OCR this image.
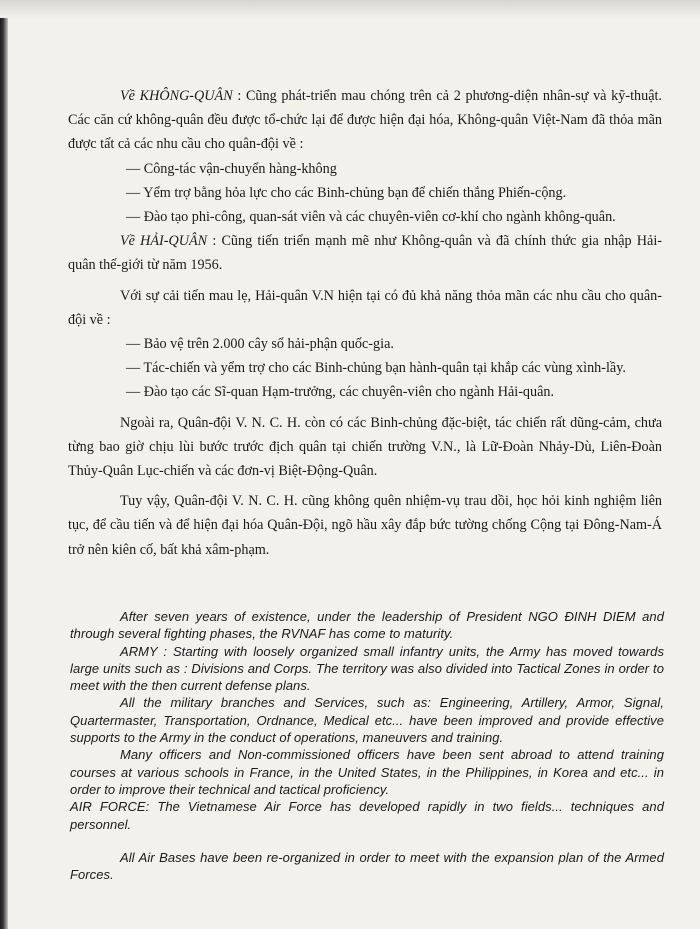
Về KHÔNG-QUÂN : Cũng phát-triển mau chóng trên cả 2 phương-diện nhân-sự và kỹ-thuật. Các căn cứ không-quân đều được tổ-chức lại để được hiện đại hóa, Không-quân Việt-Nam đã thỏa mãn được tất cả các nhu cầu cho quân-đội về :

— Công-tác vận-chuyển hàng-không
— Yểm trợ bằng hỏa lực cho các Binh-chủng bạn để chiến thắng Phiến-cộng.
— Đào tạo phi-công, quan-sát viên và các chuyên-viên cơ-khí cho ngành không-quân.

Về HẢI-QUÂN : Cũng tiến triển mạnh mẽ như Không-quân và đã chính thức gia nhập Hải-quân thế-giới từ năm 1956.

Với sự cải tiến mau lẹ, Hải-quân V.N hiện tại có đủ khả năng thỏa mãn các nhu cầu cho quân-đội về :

— Bảo vệ trên 2.000 cây số hải-phận quốc-gia.
— Tác-chiến và yểm trợ cho các Binh-chủng bạn hành-quân tại khắp các vùng xình-lầy.
— Đào tạo các Sĩ-quan Hạm-trưởng, các chuyên-viên cho ngành Hải-quân.

Ngoài ra, Quân-đội V. N. C. H. còn có các Binh-chủng đặc-biệt, tác chiến rất dũng-cảm, chưa từng bao giờ chịu lùi bước trước địch quân tại chiến trường V.N., là Lữ-Đoàn Nhảy-Dù, Liên-Đoàn Thủy-Quân Lục-chiến và các đơn-vị Biệt-Động-Quân.

Tuy vậy, Quân-đội V. N. C. H. cũng không quên nhiệm-vụ trau dồi, học hỏi kinh nghiệm liên tục, để cầu tiến và để hiện đại hóa Quân-Đội, ngõ hầu xây đắp bức tường chống Cộng tại Đông-Nam-Á trở nên kiên cố, bất khả xâm-phạm.

After seven years of existence, under the leadership of President NGO ĐINH DIEM and through several fighting phases, the RVNAF has come to maturity.

ARMY : Starting with loosely organized small infantry units, the Army has moved towards large units such as : Divisions and Corps. The territory was also divided into Tactical Zones in order to meet with the then current defense plans.

All the military branches and Services, such as: Engineering, Artillery, Armor, Signal, Quartermaster, Transportation, Ordnance, Medical etc... have been improved and provide effective supports to the Army in the conduct of operations, maneuvers and training.

Many officers and Non-commissioned officers have been sent abroad to attend training courses at various schools in France, in the United States, in the Philippines, in Korea and etc... in order to improve their technical and tactical proficiency.

AIR FORCE: The Vietnamese Air Force has developed rapidly in two fields... techniques and personnel.

All Air Bases have been re-organized in order to meet with the expansion plan of the Armed Forces.
